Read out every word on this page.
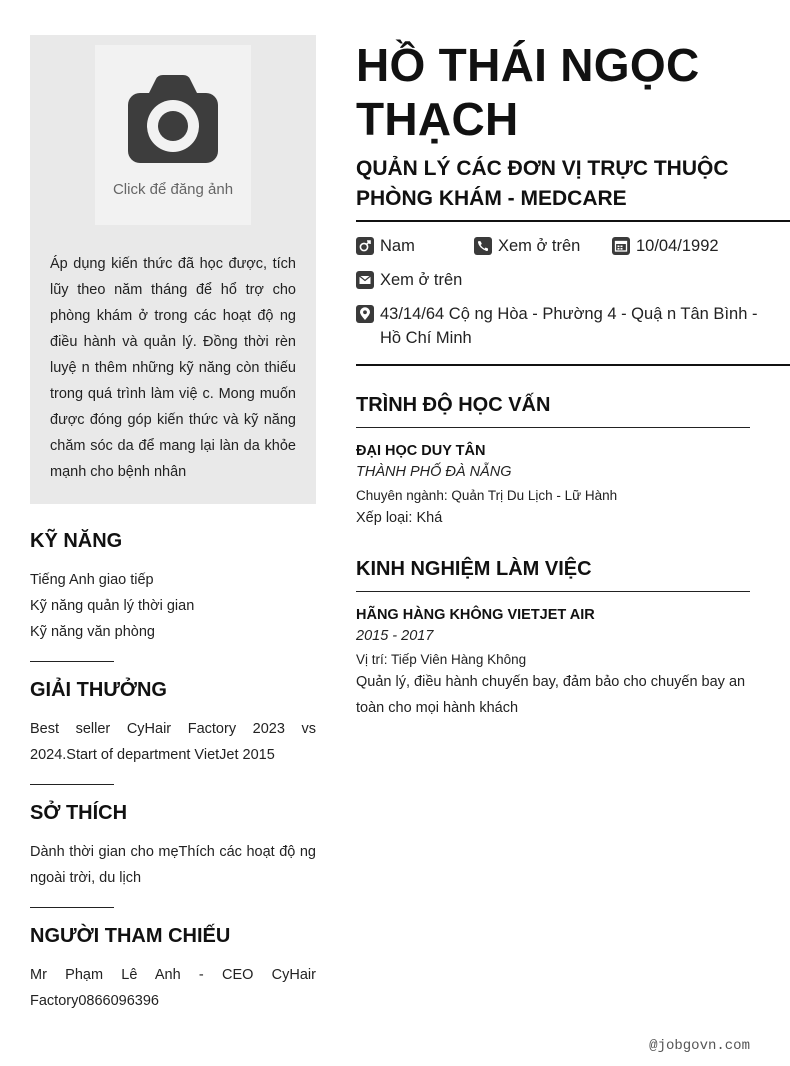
Click để đăng ảnh
Áp dụng kiến thức đã học được, tích lũy theo năm tháng để hổ trợ cho phòng khám ở trong các hoạt độ ng điều hành và quản lý. Đồng thời rèn luyệ n thêm những kỹ năng còn thiếu trong quá trình làm việ c. Mong muốn được đóng góp kiến thức và kỹ năng chăm sóc da để mang lại làn da khỏe mạnh cho bệnh nhân
KỸ NĂNG
Tiếng Anh giao tiếp
Kỹ năng quản lý thời gian
Kỹ năng văn phòng
GIẢI THƯỞNG
Best seller CyHair Factory 2023 vs 2024.Start of department VietJet 2015
SỞ THÍCH
Dành thời gian cho mẹThích các hoạt độ ng ngoài trời, du lịch
NGƯỜI THAM CHIẾU
Mr Phạm Lê Anh - CEO CyHair Factory0866096396
HỒ THÁI NGỌC THẠCH
QUẢN LÝ CÁC ĐƠN VỊ TRỰC THUỘC PHÒNG KHÁM - MEDCARE
Nam	Xem ở trên	10/04/1992
Xem ở trên
43/14/64 Cộ ng Hòa - Phường 4 - Quậ n Tân Bình - Hồ Chí Minh
TRÌNH ĐỘ HỌC VẤN
ĐẠI HỌC DUY TÂN
THÀNH PHỐ ĐÀ NẴNG
Chuyên ngành: Quản Trị Du Lịch - Lữ Hành
Xếp loại: Khá
KINH NGHIỆM LÀM VIỆC
HÃNG HÀNG KHÔNG VIETJET AIR
2015 - 2017
Vị trí: Tiếp Viên Hàng Không
Quản lý, điều hành chuyến bay, đảm bảo cho chuyến bay an toàn cho mọi hành khách
@jobgovn.com
